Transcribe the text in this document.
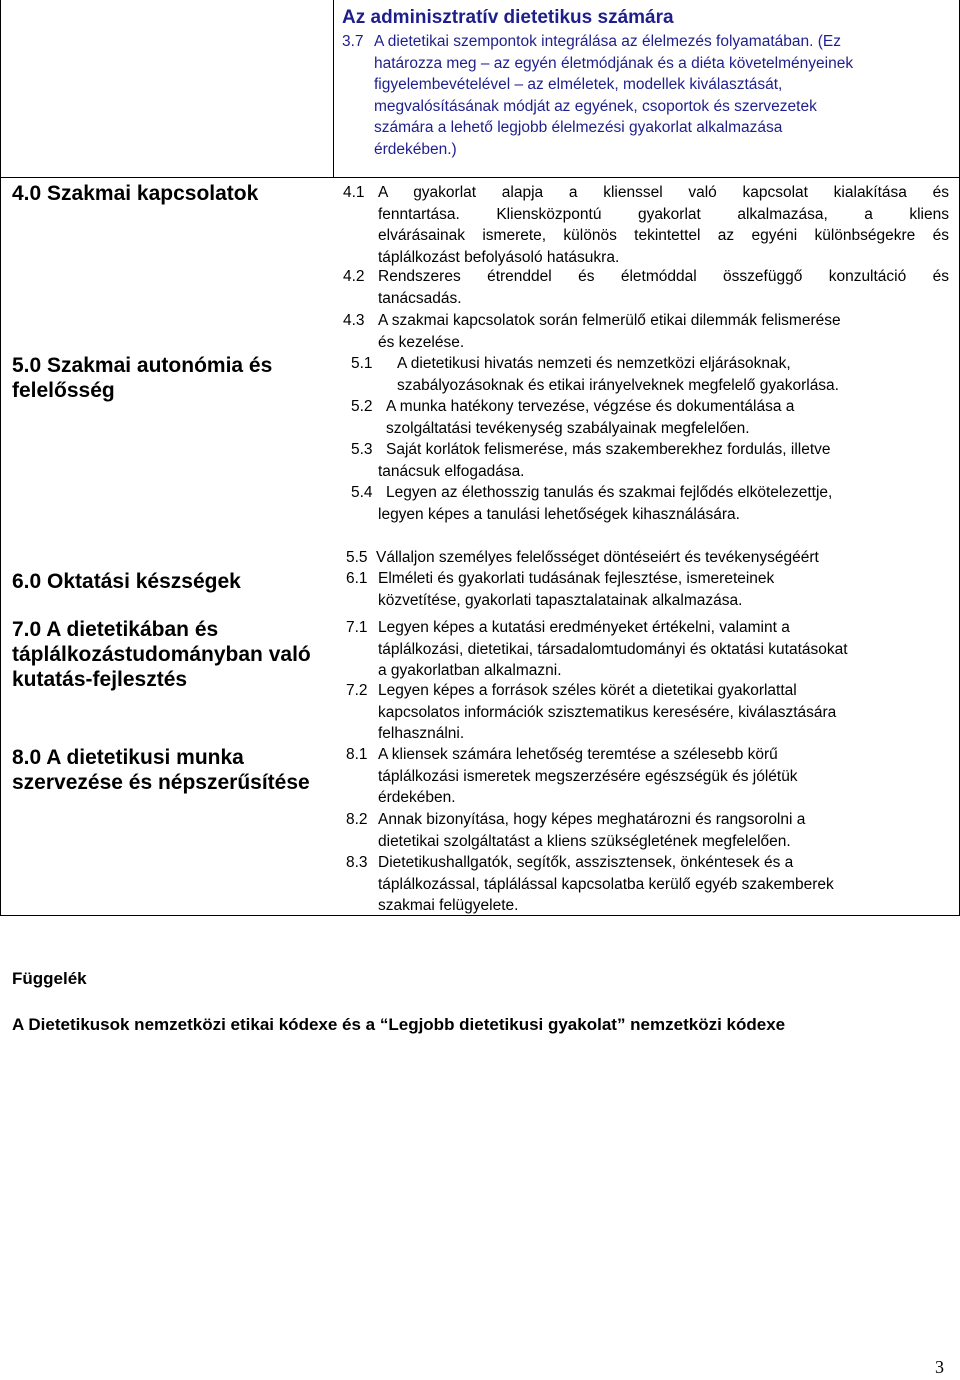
Az adminisztratív dietetikus számára
3.7 A dietetikai szempontok integrálása az élelmezés folyamatában. (Ez
határozza meg – az egyén életmódjának és a diéta követelményeinek
figyelembevételével – az elméletek, modellek kiválasztását,
megvalósításának módját az egyének, csoportok és szervezetek
számára a lehető legjobb élelmezési gyakorlat alkalmazása
érdekében.)
4.0 Szakmai kapcsolatok
5.0 Szakmai autonómia és
felelősség
6.0 Oktatási készségek
7.0 A dietetikában és
táplálkozástudományban való
kutatás-fejlesztés
8.0 A dietetikusi munka
szervezése és népszerűsítése
4.1 A gyakorlat alapja a klienssel való kapcsolat kialakítása és
fenntartása. Kliensközpontú gyakorlat alkalmazása, a kliens
elvárásainak ismerete, különös tekintettel az egyéni különbségekre és
táplálkozást befolyásoló hatásukra.
4.2 Rendszeres étrenddel és életmóddal összefüggő konzultáció és
tanácsadás.
4.3 A szakmai kapcsolatok során felmerülő etikai dilemmák felismerése
és kezelése.
5.1 A dietetikusi hivatás nemzeti és nemzetközi eljárásoknak,
szabályozásoknak és etikai irányelveknek megfelelő gyakorlása.
5.2 A munka hatékony tervezése, végzése és dokumentálása a
szolgáltatási tevékenység szabályainak megfelelően.
5.3 Saját korlátok felismerése, más szakemberekhez fordulás, illetve
tanácsuk elfogadása.
5.4 Legyen az élethosszig tanulás és szakmai fejlődés elkötelezettje,
legyen képes a tanulási lehetőségek kihasználására.
5.5 Vállaljon személyes felelősséget döntéseiért és tevékenységéért
6.1 Elméleti és gyakorlati tudásának fejlesztése, ismereteinek
közvetítése, gyakorlati tapasztalatainak alkalmazása.
7.1 Legyen képes a kutatási eredményeket értékelni, valamint a
táplálkozási, dietetikai, társadalomtudományi és oktatási kutatásokat
a gyakorlatban alkalmazni.
7.2 Legyen képes a források széles körét a dietetikai gyakorlattal
kapcsolatos információk szisztematikus keresésére, kiválasztására
felhasználni.
8.1 A kliensek számára lehetőség teremtése a szélesebb körű
táplálkozási ismeretek megszerzésére egészségük és jólétük
érdekében.
8.2 Annak bizonyítása, hogy képes meghatározni és rangsorolni a
dietetikai szolgáltatást a kliens szükségletének megfelelően.
8.3 Dietetikushallgatók, segítők, asszisztensek, önkéntesek és a
táplálkozással, táplálással kapcsolatba kerülő egyéb szakemberek
szakmai felügyelete.
Függelék
A Dietetikusok nemzetközi etikai kódexe és a “Legjobb dietetikusi gyakolat” nemzetközi kódexe
3
